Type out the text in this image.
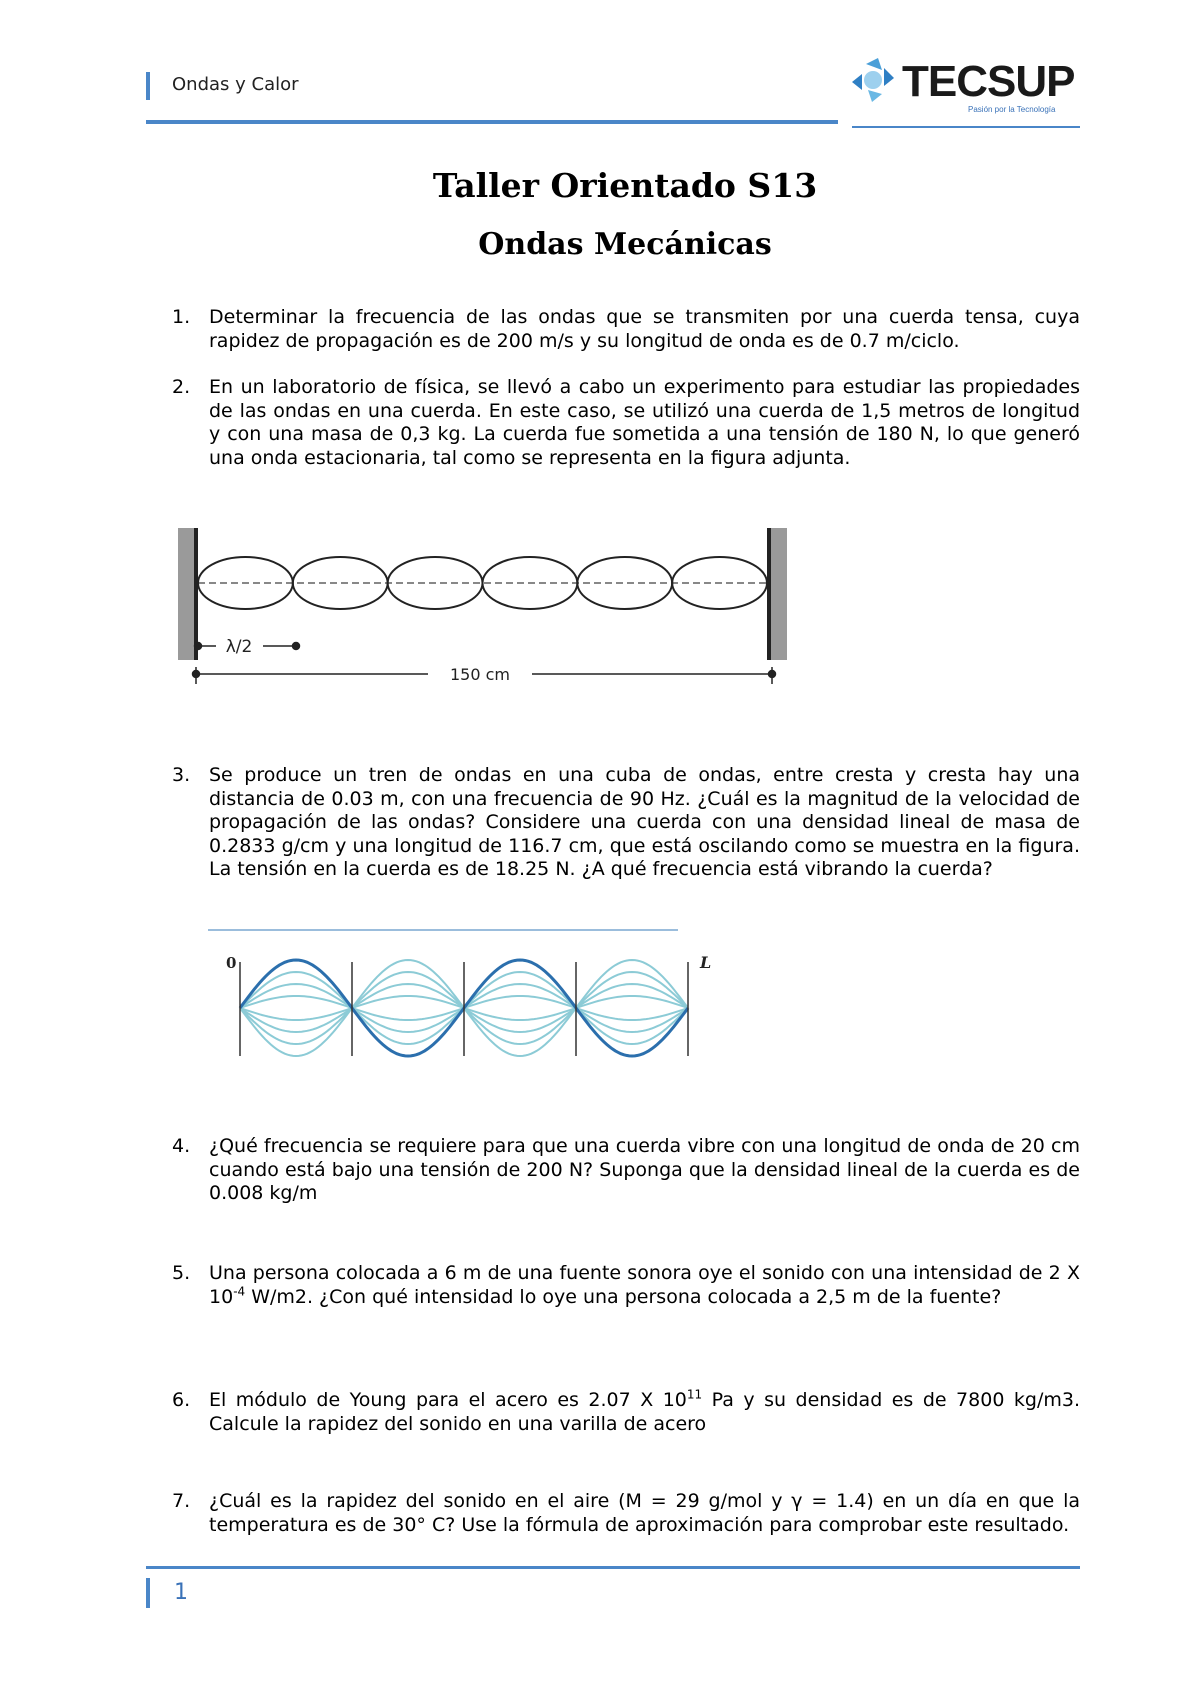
Ondas y Calor	TECSUP
Pasión por la Tecnología
Taller Orientado S13
Ondas Mecánicas
1. Determinar la frecuencia de las ondas que se transmiten por una cuerda tensa, cuya rapidez de propagación es de 200 m/s y su longitud de onda es de 0.7 m/ciclo.
2. En un laboratorio de física, se llevó a cabo un experimento para estudiar las propiedades de las ondas en una cuerda. En este caso, se utilizó una cuerda de 1,5 metros de longitud y con una masa de 0,3 kg. La cuerda fue sometida a una tensión de 180 N, lo que generó una onda estacionaria, tal como se representa en la figura adjunta.
λ/2
150 cm
3. Se produce un tren de ondas en una cuba de ondas, entre cresta y cresta hay una distancia de 0.03 m, con una frecuencia de 90 Hz. ¿Cuál es la magnitud de la velocidad de propagación de las ondas? Considere una cuerda con una densidad lineal de masa de 0.2833 g/cm y una longitud de 116.7 cm, que está oscilando como se muestra en la figura. La tensión en la cuerda es de 18.25 N. ¿A qué frecuencia está vibrando la cuerda?
0	L
4. ¿Qué frecuencia se requiere para que una cuerda vibre con una longitud de onda de 20 cm cuando está bajo una tensión de 200 N? Suponga que la densidad lineal de la cuerda es de 0.008 kg/m
5. Una persona colocada a 6 m de una fuente sonora oye el sonido con una intensidad de 2 X $10^{-4}$ W/m2. ¿Con qué intensidad lo oye una persona colocada a 2,5 m de la fuente?
6. El módulo de Young para el acero es 2.07 X $10^{11}$ Pa y su densidad es de 7800 kg/m3. Calcule la rapidez del sonido en una varilla de acero
7. ¿Cuál es la rapidez del sonido en el aire (M = 29 g/mol y γ = 1.4) en un día en que la temperatura es de 30° C? Use la fórmula de aproximación para comprobar este resultado.
1
